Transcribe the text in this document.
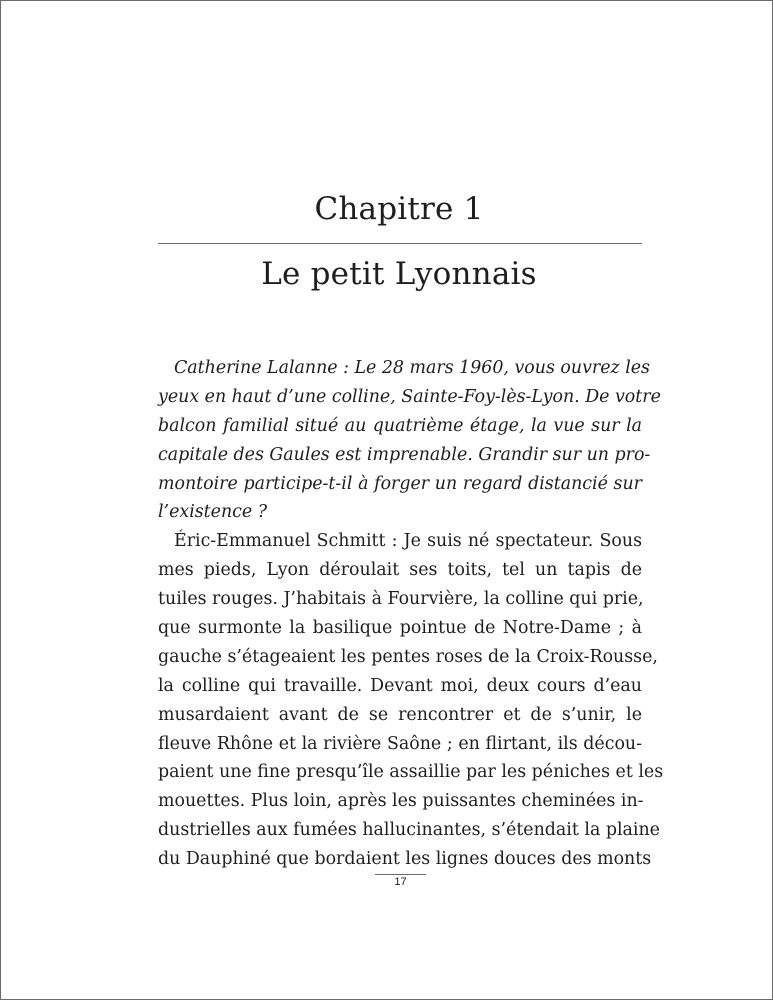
Chapitre 1
Le petit Lyonnais
Catherine Lalanne : Le 28 mars 1960, vous ouvrez les
yeux en haut d’une colline, Sainte-Foy-lès-Lyon. De votre
balcon familial situé au quatrième étage, la vue sur la
capitale des Gaules est imprenable. Grandir sur un pro-
montoire participe-t-il à forger un regard distancié sur
l’existence ?
Éric-Emmanuel Schmitt : Je suis né spectateur. Sous
mes pieds, Lyon déroulait ses toits, tel un tapis de
tuiles rouges. J’habitais à Fourvière, la colline qui prie,
que surmonte la basilique pointue de Notre-Dame ; à
gauche s’étageaient les pentes roses de la Croix-Rousse,
la colline qui travaille. Devant moi, deux cours d’eau
musardaient avant de se rencontrer et de s’unir, le
fleuve Rhône et la rivière Saône ; en flirtant, ils décou-
paient une fine presqu’île assaillie par les péniches et les
mouettes. Plus loin, après les puissantes cheminées in-
dustrielles aux fumées hallucinantes, s’étendait la plaine
du Dauphiné que bordaient les lignes douces des monts
17
